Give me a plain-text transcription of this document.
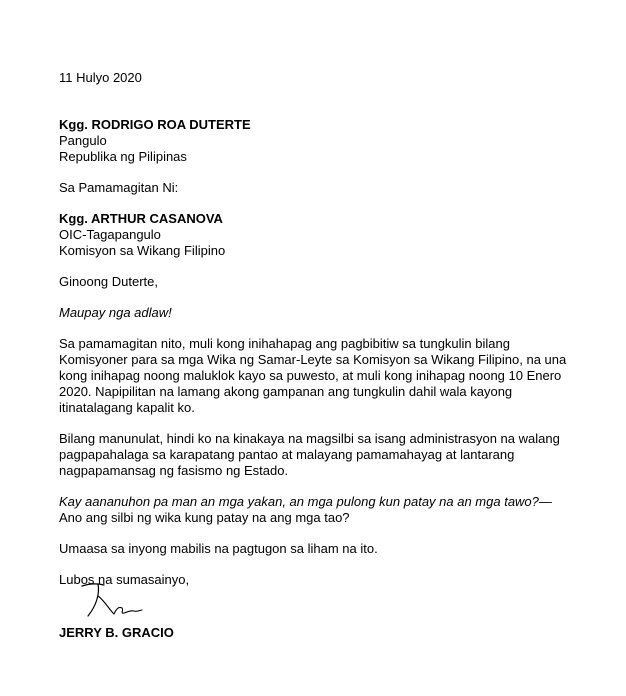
11 Hulyo 2020
Kgg. RODRIGO ROA DUTERTE
Pangulo
Republika ng Pilipinas
Sa Pamamagitan Ni:
Kgg. ARTHUR CASANOVA
OIC-Tagapangulo
Komisyon sa Wikang Filipino
Ginoong Duterte,
Maupay nga adlaw!
Sa pamamagitan nito, muli kong inihahapag ang pagbibitiw sa tungkulin bilang
Komisyoner para sa mga Wika ng Samar-Leyte sa Komisyon sa Wikang Filipino, na una
kong inihapag noong maluklok kayo sa puwesto, at muli kong inihapag noong 10 Enero
2020. Napipilitan na lamang akong gampanan ang tungkulin dahil wala kayong
itinatalagang kapalit ko.
Bilang manunulat, hindi ko na kinakaya na magsilbi sa isang administrasyon na walang
pagpapahalaga sa karapatang pantao at malayang pamamahayag at lantarang
nagpapamansag ng fasismo ng Estado.
Kay aananuhon pa man an mga yakan, an mga pulong kun patay na an mga tawo?—
Ano ang silbi ng wika kung patay na ang mga tao?
Umaasa sa inyong mabilis na pagtugon sa liham na ito.
Lubos na sumasainyo,
JERRY B. GRACIO
